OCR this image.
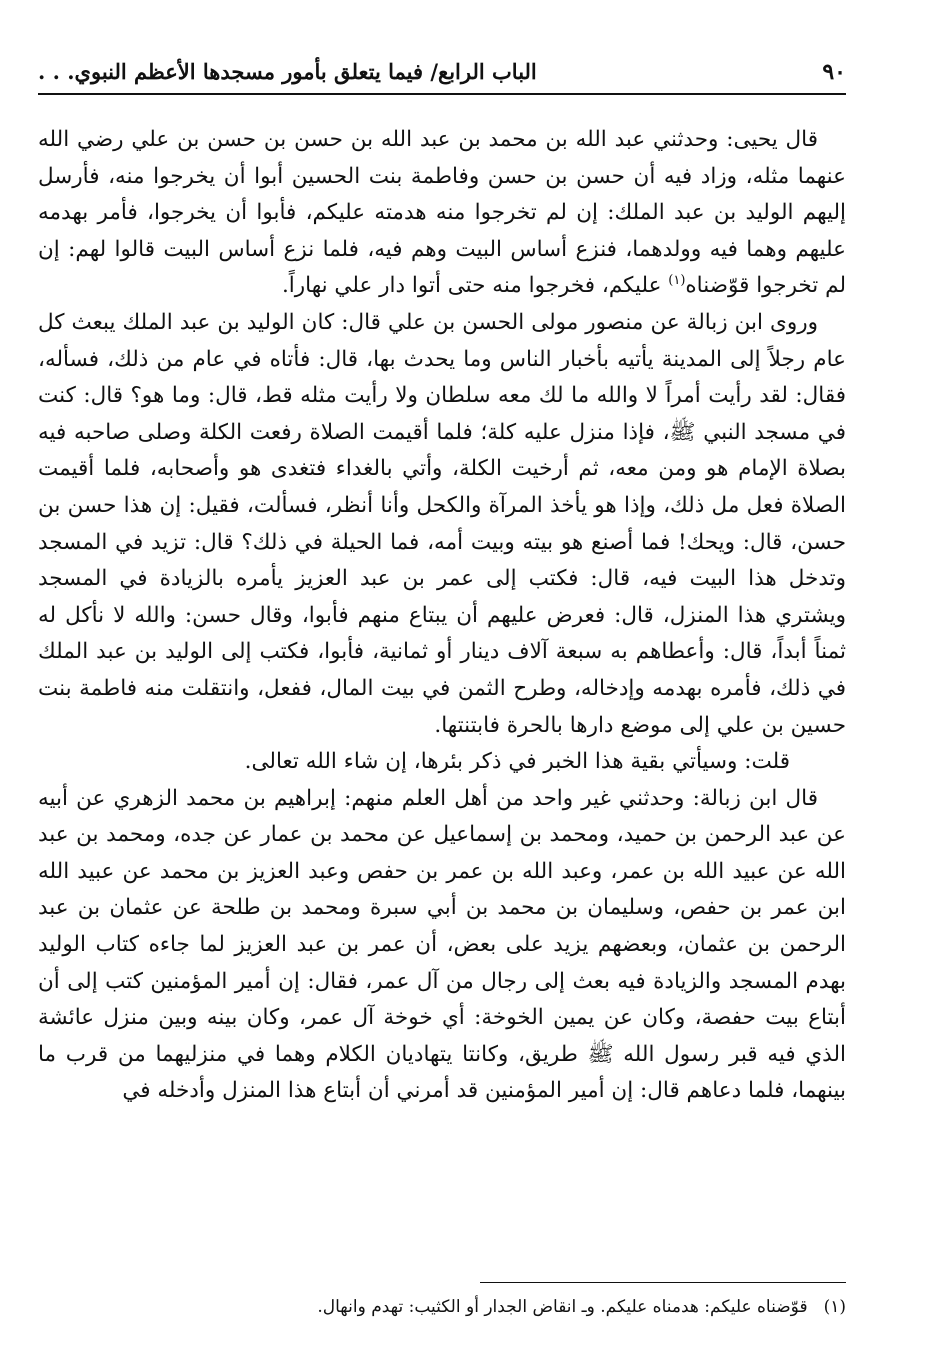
٩٠
الباب الرابع/ فيما يتعلق بأمور مسجدها الأعظم النبوي. . .

قال يحيى: وحدثني عبد الله بن محمد بن عبد الله بن حسن بن حسن بن علي رضي الله عنهما مثله، وزاد فيه أن حسن بن حسن وفاطمة بنت الحسين أبوا أن يخرجوا منه، فأرسل إليهم الوليد بن عبد الملك: إن لم تخرجوا منه هدمته عليكم، فأبوا أن يخرجوا، فأمر بهدمه عليهم وهما فيه وولدهما، فنزع أساس البيت وهم فيه، فلما نزع أساس البيت قالوا لهم: إن لم تخرجوا قوّضناه$^{(١)}$ عليكم، فخرجوا منه حتى أتوا دار علي نهاراً.

وروى ابن زبالة عن منصور مولى الحسن بن علي قال: كان الوليد بن عبد الملك يبعث كل عام رجلاً إلى المدينة يأتيه بأخبار الناس وما يحدث بها، قال: فأتاه في عام من ذلك، فسأله، فقال: لقد رأيت أمراً لا والله ما لك معه سلطان ولا رأيت مثله قط، قال: وما هو؟ قال: كنت في مسجد النبي ﷺ، فإذا منزل عليه كلة؛ فلما أقيمت الصلاة رفعت الكلة وصلى صاحبه فيه بصلاة الإمام هو ومن معه، ثم أرخيت الكلة، وأتي بالغداء فتغدى هو وأصحابه، فلما أقيمت الصلاة فعل مل ذلك، وإذا هو يأخذ المرآة والكحل وأنا أنظر، فسألت، فقيل: إن هذا حسن بن حسن، قال: ويحك! فما أصنع هو بيته وبيت أمه، فما الحيلة في ذلك؟ قال: تزيد في المسجد وتدخل هذا البيت فيه، قال: فكتب إلى عمر بن عبد العزيز يأمره بالزيادة في المسجد ويشتري هذا المنزل، قال: فعرض عليهم أن يبتاع منهم فأبوا، وقال حسن: والله لا نأكل له ثمناً أبداً، قال: وأعطاهم به سبعة آلاف دينار أو ثمانية، فأبوا، فكتب إلى الوليد بن عبد الملك في ذلك، فأمره بهدمه وإدخاله، وطرح الثمن في بيت المال، ففعل، وانتقلت منه فاطمة بنت حسين بن علي إلى موضع دارها بالحرة فابتنتها.

قلت: وسيأتي بقية هذا الخبر في ذكر بئرها، إن شاء الله تعالى.

قال ابن زبالة: وحدثني غير واحد من أهل العلم منهم: إبراهيم بن محمد الزهري عن أبيه عن عبد الرحمن بن حميد، ومحمد بن إسماعيل عن محمد بن عمار عن جده، ومحمد بن عبد الله عن عبيد الله بن عمر، وعبد الله بن عمر بن حفص وعبد العزيز بن محمد عن عبيد الله ابن عمر بن حفص، وسليمان بن محمد بن أبي سبرة ومحمد بن طلحة عن عثمان بن عبد الرحمن بن عثمان، وبعضهم يزيد على بعض، أن عمر بن عبد العزيز لما جاءه كتاب الوليد بهدم المسجد والزيادة فيه بعث إلى رجال من آل عمر، فقال: إن أمير المؤمنين كتب إلى أن أبتاع بيت حفصة، وكان عن يمين الخوخة: أي خوخة آل عمر، وكان بينه وبين منزل عائشة الذي فيه قبر رسول الله ﷺ طريق، وكانتا يتهاديان الكلام وهما في منزليهما من قرب ما بينهما، فلما دعاهم قال: إن أمير المؤمنين قد أمرني أن أبتاع هذا المنزل وأدخله في

(١)قوّضناه عليكم: هدمناه عليكم. وـ انقاض الجدار أو الكثيب: تهدم وانهال.
